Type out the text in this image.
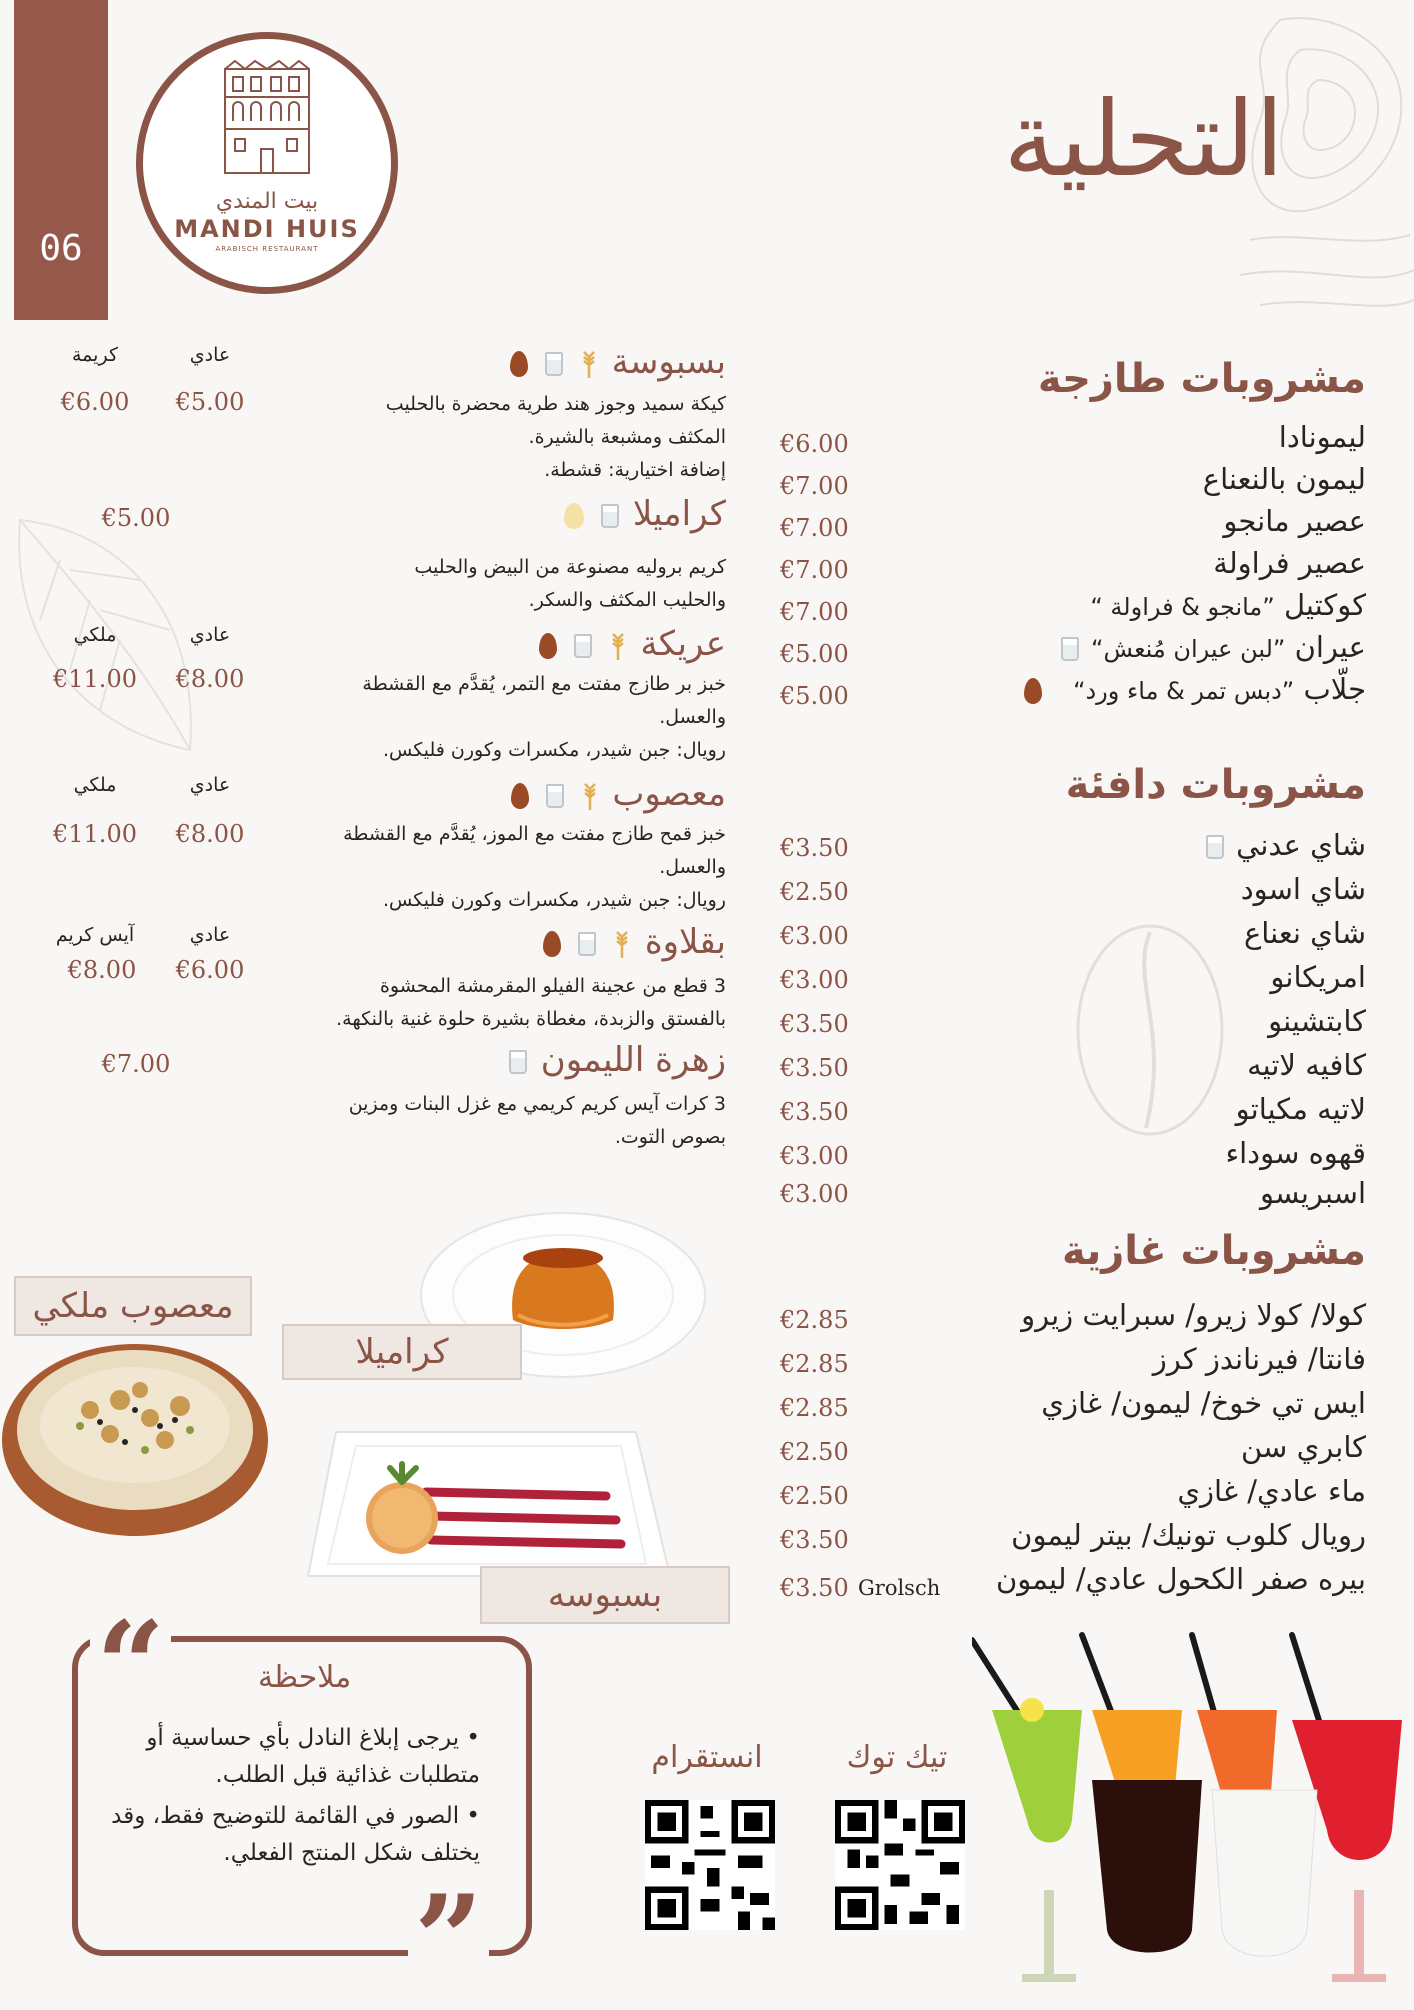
06
بيت المندي
MANDI HUIS
ARABISCH RESTAURANT
التحلية
مشروبات طازجة
ليمونادا
€6.00
ليمون بالنعناع
€7.00
عصير مانجو
€7.00
عصير فراولة
€7.00
كوكتيل ”مانجو & فراولة “
€7.00
عيران ”لبن عيران مُنعش“
€5.00
جلّاب ”دبس تمر & ماء ورد“
€5.00
مشروبات دافئة
شاي عدني
€3.50
شاي اسود
€2.50
شاي نعناع
€3.00
امريكانو
€3.00
كابتشينو
€3.50
كافيه لاتيه
€3.50
لاتيه مكياتو
€3.50
قهوه سوداء
€3.00
اسبريسو
€3.00
مشروبات غازية
كولا/ كولا زيرو/ سبرايت زيرو
€2.85
فانتا/ فيرناندز كرز
€2.85
ايس تي خوخ/ ليمون/ غازي
€2.85
كابري سن
€2.50
ماء عادي/ غازي
€2.50
رويال كلوب تونيك/ بيتر ليمون
€3.50
بيره صفر الكحول عادي/ ليمون
€3.50 Grolsch
بسبوسة
كيكة سميد وجوز هند طرية محضرة بالحليب
المكثف ومشبعة بالشيرة.
إضافة اختيارية: قشطة.
عادي
كريمة
€5.00
€6.00
كراميلا
كريم بروليه مصنوعة من البيض والحليب
والحليب المكثف والسكر.
€5.00
عريكة
خبز بر طازج مفتت مع التمر، يُقدَّم مع القشطة
والعسل.
رويال: جبن شيدر، مكسرات وكورن فليكس.
عادي
ملكي
€8.00
€11.00
معصوب
خبز قمح طازج مفتت مع الموز، يُقدَّم مع القشطة
والعسل.
رويال: جبن شيدر، مكسرات وكورن فليكس.
عادي
ملكي
€8.00
€11.00
بقلاوة
3 قطع من عجينة الفيلو المقرمشة المحشوة
بالفستق والزبدة، مغطاة بشيرة حلوة غنية بالنكهة.
عادي
آيس كريم
€6.00
€8.00
زهرة الليمون
3 كرات آيس كريم كريمي مع غزل البنات ومزين
بصوص التوت.
€7.00
كراميلا
معصوب ملكي
بسبوسه
“
”
ملاحظة
• يرجى إبلاغ النادل بأي حساسية أو متطلبات غذائية قبل الطلب.
• الصور في القائمة للتوضيح فقط، وقد يختلف شكل المنتج الفعلي.
انستقرام	تيك توك
